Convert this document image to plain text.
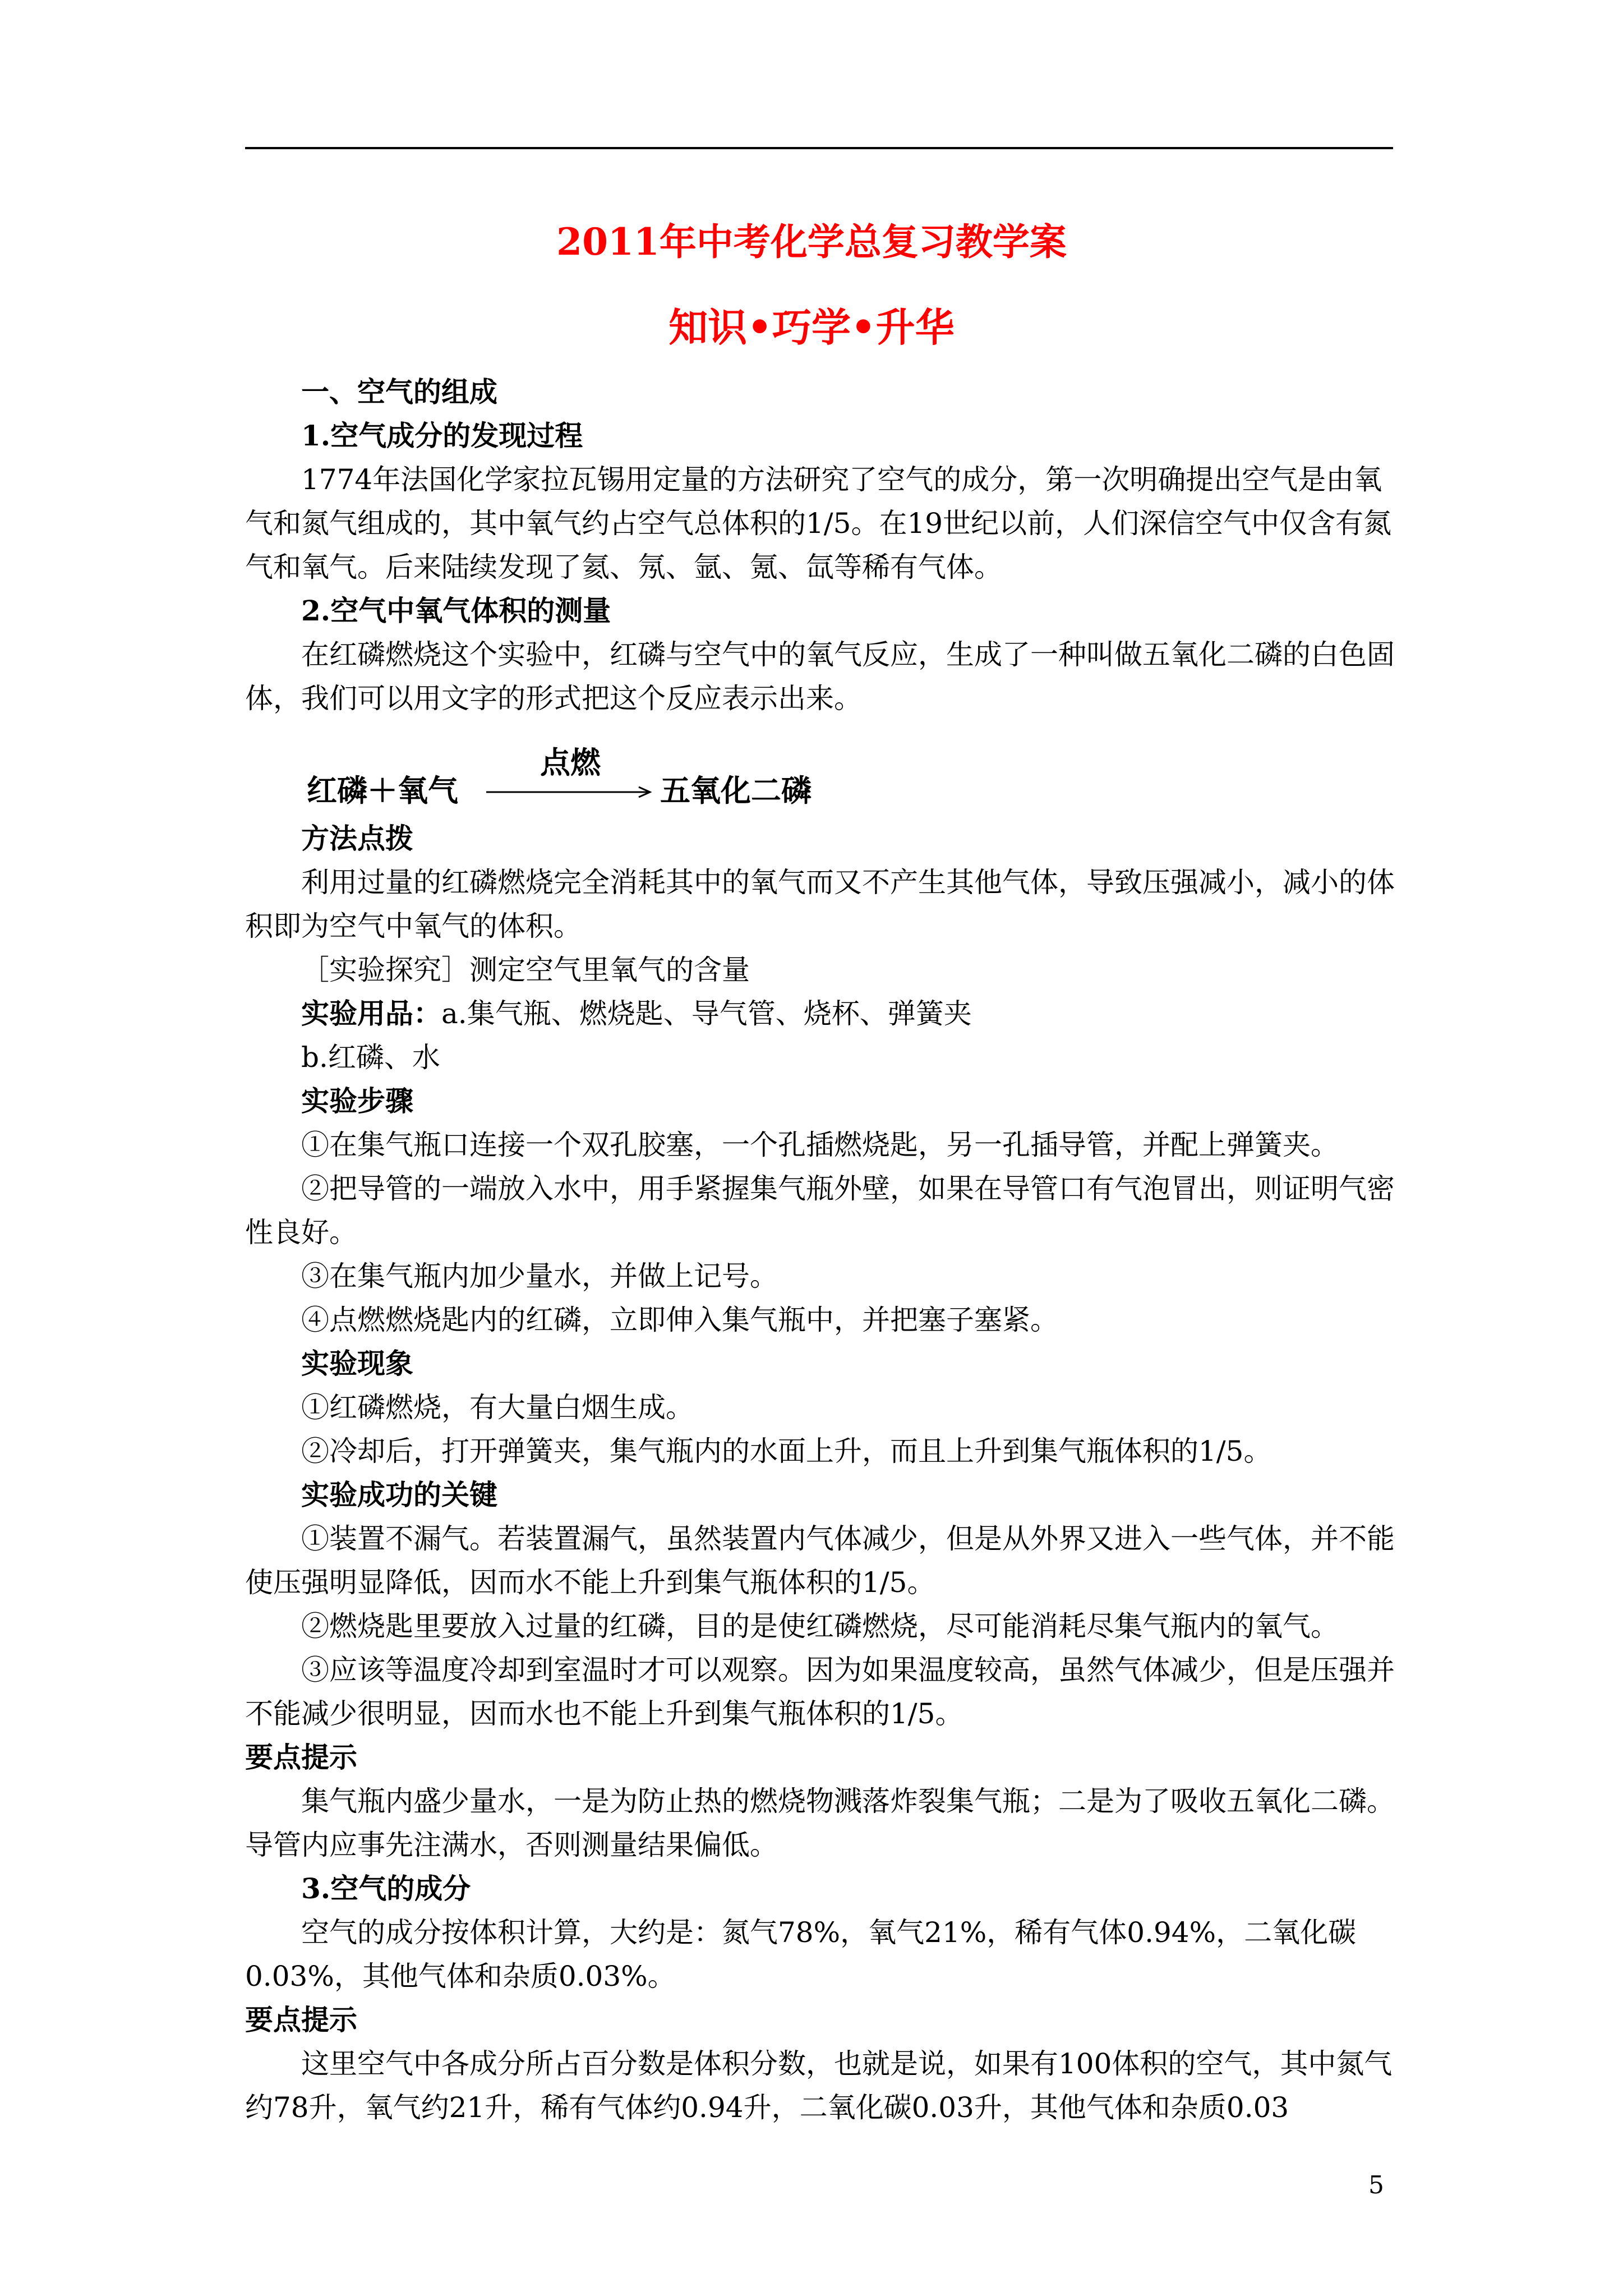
2011年中考化学总复习教学案
知识•巧学•升华

一、空气的组成

1.空气成分的发现过程

1774年法国化学家拉瓦锡用定量的方法研究了空气的成分，第一次明确提出空气是由氧气和氮气组成的，其中氧气约占空气总体积的1/5。在19世纪以前，人们深信空气中仅含有氮气和氧气。后来陆续发现了氦、氖、氩、氪、氙等稀有气体。

2.空气中氧气体积的测量

在红磷燃烧这个实验中，红磷与空气中的氧气反应，生成了一种叫做五氧化二磷的白色固体，我们可以用文字的形式把这个反应表示出来。

红磷＋氧气
点燃
五氧化二磷

方法点拨

利用过量的红磷燃烧完全消耗其中的氧气而又不产生其他气体，导致压强减小，减小的体积即为空气中氧气的体积。

［实验探究］测定空气里氧气的含量

实验用品：a.集气瓶、燃烧匙、导气管、烧杯、弹簧夹

b.红磷、水

实验步骤

①在集气瓶口连接一个双孔胶塞，一个孔插燃烧匙，另一孔插导管，并配上弹簧夹。

②把导管的一端放入水中，用手紧握集气瓶外壁，如果在导管口有气泡冒出，则证明气密性良好。

③在集气瓶内加少量水，并做上记号。

④点燃燃烧匙内的红磷，立即伸入集气瓶中，并把塞子塞紧。

实验现象

①红磷燃烧，有大量白烟生成。

②冷却后，打开弹簧夹，集气瓶内的水面上升，而且上升到集气瓶体积的1/5。

实验成功的关键

①装置不漏气。若装置漏气，虽然装置内气体减少，但是从外界又进入一些气体，并不能使压强明显降低，因而水不能上升到集气瓶体积的1/5。

②燃烧匙里要放入过量的红磷，目的是使红磷燃烧，尽可能消耗尽集气瓶内的氧气。

③应该等温度冷却到室温时才可以观察。因为如果温度较高，虽然气体减少，但是压强并不能减少很明显，因而水也不能上升到集气瓶体积的1/5。

要点提示

集气瓶内盛少量水，一是为防止热的燃烧物溅落炸裂集气瓶；二是为了吸收五氧化二磷。导管内应事先注满水，否则测量结果偏低。

3.空气的成分

空气的成分按体积计算，大约是：氮气78%，氧气21%，稀有气体0.94%，二氧化碳0.03%，其他气体和杂质0.03%。

要点提示

这里空气中各成分所占百分数是体积分数，也就是说，如果有100体积的空气，其中氮气约78升，氧气约21升，稀有气体约0.94升，二氧化碳0.03升，其他气体和杂质0.03

5
